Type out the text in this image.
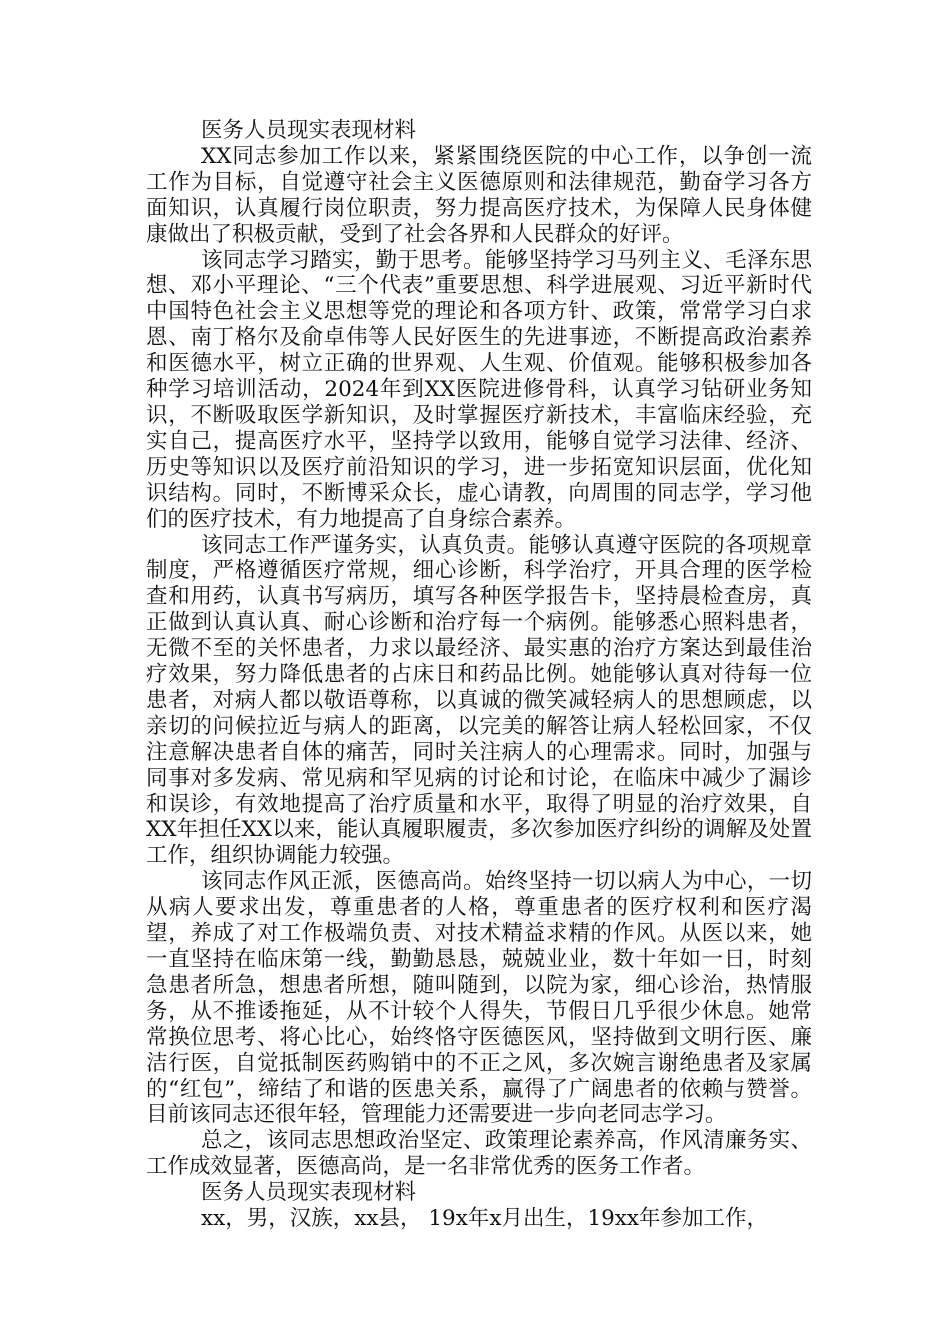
医务人员现实表现材料

XX同志参加工作以来，紧紧围绕医院的中心工作，以争创一流工作为目标，自觉遵守社会主义医德原则和法律规范，勤奋学习各方面知识，认真履行岗位职责，努力提高医疗技术，为保障人民身体健康做出了积极贡献，受到了社会各界和人民群众的好评。

该同志学习踏实，勤于思考。能够坚持学习马列主义、毛泽东思想、邓小平理论、“三个代表”重要思想、科学进展观、习近平新时代中国特色社会主义思想等党的理论和各项方针、政策，常常学习白求恩、南丁格尔及俞卓伟等人民好医生的先进事迹，不断提高政治素养和医德水平，树立正确的世界观、人生观、价值观。能够积极参加各种学习培训活动，2024年到XX医院进修骨科，认真学习钻研业务知识，不断吸取医学新知识，及时掌握医疗新技术，丰富临床经验，充实自己，提高医疗水平，坚持学以致用，能够自觉学习法律、经济、历史等知识以及医疗前沿知识的学习，进一步拓宽知识层面，优化知识结构。同时，不断博采众长，虚心请教，向周围的同志学，学习他们的医疗技术，有力地提高了自身综合素养。

该同志工作严谨务实，认真负责。能够认真遵守医院的各项规章制度，严格遵循医疗常规，细心诊断，科学治疗，开具合理的医学检查和用药，认真书写病历，填写各种医学报告卡，坚持晨检查房，真正做到认真认真、耐心诊断和治疗每一个病例。能够悉心照料患者，无微不至的关怀患者，力求以最经济、最实惠的治疗方案达到最佳治疗效果，努力降低患者的占床日和药品比例。她能够认真对待每一位患者，对病人都以敬语尊称，以真诚的微笑减轻病人的思想顾虑，以亲切的问候拉近与病人的距离，以完美的解答让病人轻松回家，不仅注意解决患者自体的痛苦，同时关注病人的心理需求。同时，加强与同事对多发病、常见病和罕见病的讨论和讨论，在临床中减少了漏诊和误诊，有效地提高了治疗质量和水平，取得了明显的治疗效果，自XX年担任XX以来，能认真履职履责，多次参加医疗纠纷的调解及处置工作，组织协调能力较强。

该同志作风正派，医德高尚。始终坚持一切以病人为中心，一切从病人要求出发，尊重患者的人格，尊重患者的医疗权利和医疗渴望，养成了对工作极端负责、对技术精益求精的作风。从医以来，她一直坚持在临床第一线，勤勤恳恳，兢兢业业，数十年如一日，时刻急患者所急，想患者所想，随叫随到，以院为家，细心诊治，热情服务，从不推诿拖延，从不计较个人得失，节假日几乎很少休息。她常常换位思考、将心比心，始终恪守医德医风，坚持做到文明行医、廉洁行医，自觉抵制医药购销中的不正之风，多次婉言谢绝患者及家属的“红包”，缔结了和谐的医患关系，赢得了广阔患者的依赖与赞誉。目前该同志还很年轻，管理能力还需要进一步向老同志学习。

总之，该同志思想政治坚定、政策理论素养高，作风清廉务实、工作成效显著，医德高尚，是一名非常优秀的医务工作者。

医务人员现实表现材料

xx，男，汉族，xx县， 19x年x月出生，19xx年参加工作，
